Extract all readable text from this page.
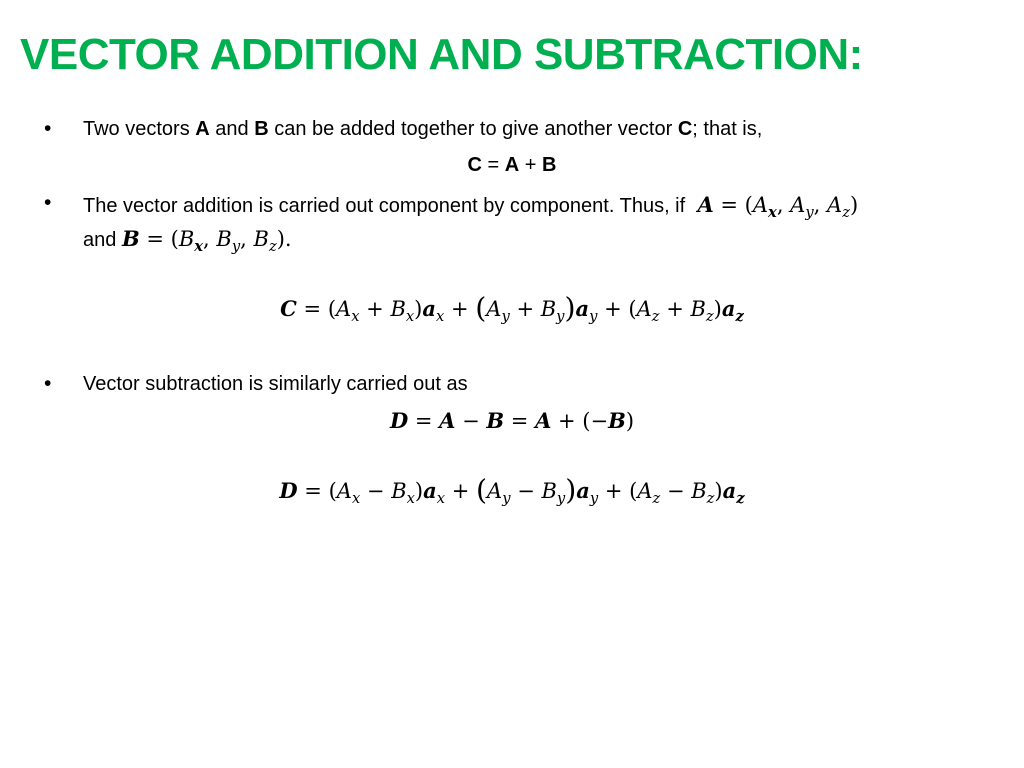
VECTOR ADDITION AND SUBTRACTION:
• Two vectors A and B can be added together to give another vector C; that is,
C = A + B
• The vector addition is carried out component by component. Thus, if $A = (A_x$, $A_y$, $A_z$)
and $B = (B_x$, $B_y$, $B_z$).
$C = (A_x + B_x)a_x + (A_y + B_y)a_y + (A_z + B_z)a_z$
• Vector subtraction is similarly carried out as
D = A − B = A + (−B)
$D = (A_x - B_x)a_x + (A_y - B_y)a_y + (A_z - B_z)a_z$
